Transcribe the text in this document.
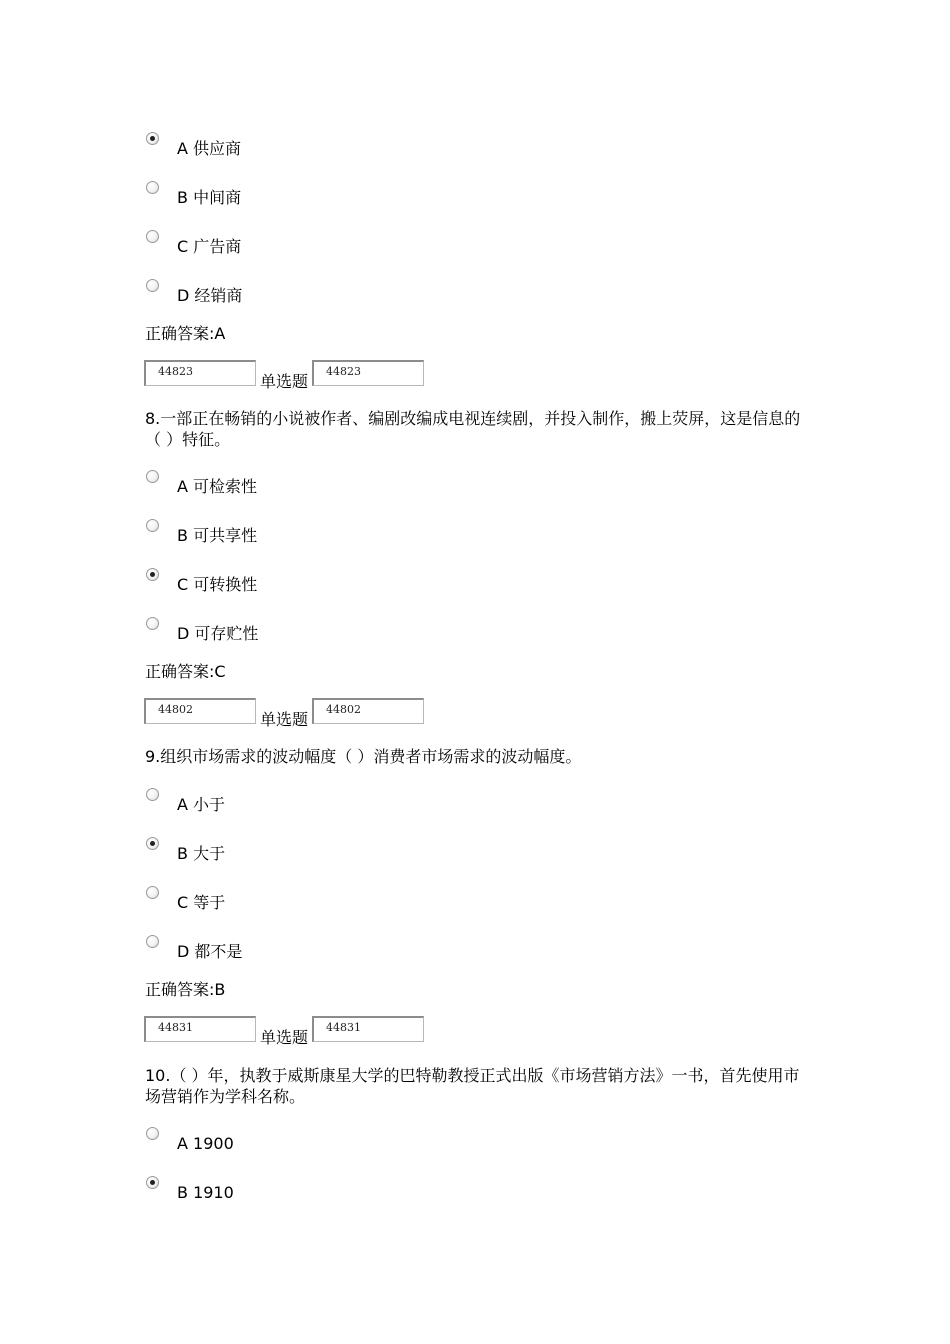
A 供应商
B 中间商
C 广告商
D 经销商
正确答案:A
44823
单选题
44823
8.一部正在畅销的小说被作者、编剧改编成电视连续剧，并投入制作，搬上荧屏，这是信息的（ ）特征。
A 可检索性
B 可共享性
C 可转换性
D 可存贮性
正确答案:C
44802
单选题
44802
9.组织市场需求的波动幅度（ ）消费者市场需求的波动幅度。
A 小于
B 大于
C 等于
D 都不是
正确答案:B
44831
单选题
44831
10.（ ）年，执教于威斯康星大学的巴特勒教授正式出版《市场营销方法》一书，首先使用市场营销作为学科名称。
A 1900
B 1910
